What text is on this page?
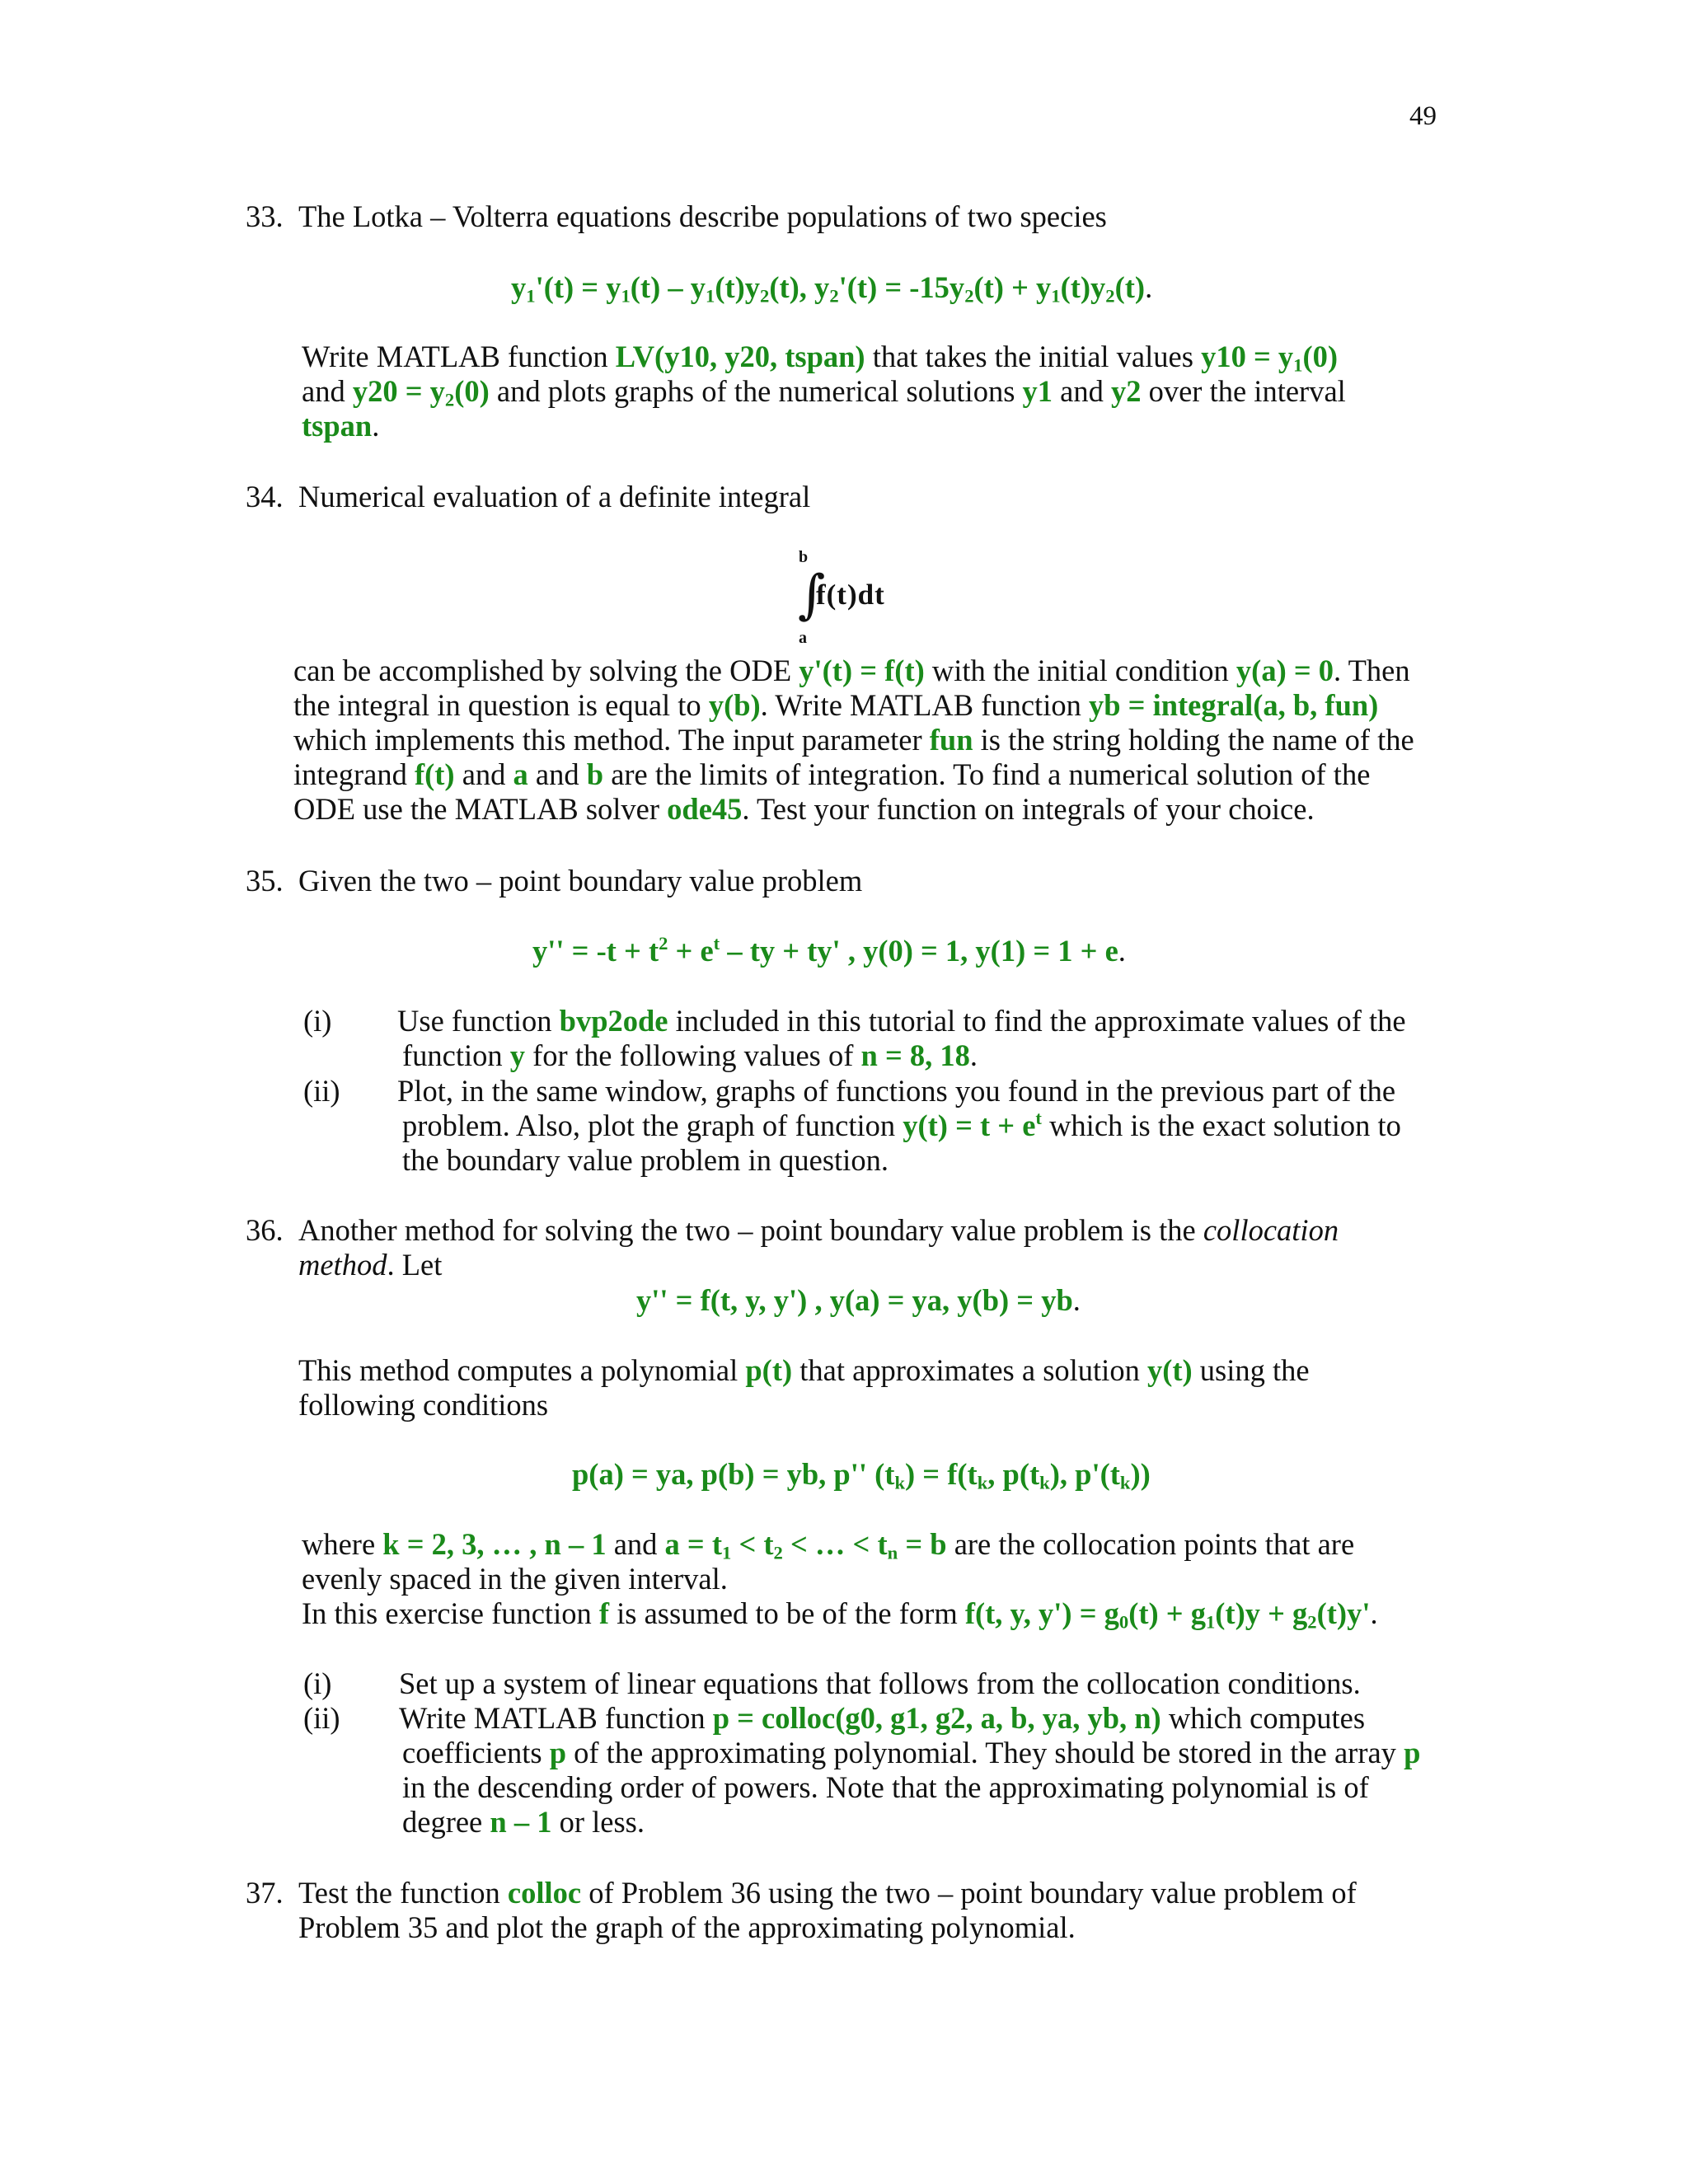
49
33. The Lotka – Volterra equations describe populations of two species
$y_1'(t) = y_1(t) - y_1(t)y_2(t)$, $y_2'(t) = -15y_2(t) + y_1(t)y_2(t)$.
Write MATLAB function LV(y10, y20, tspan) that takes the initial values $y10 = y_1(0)$
and $y20 = y_2(0)$ and plots graphs of the numerical solutions y1 and y2 over the interval
tspan.
34. Numerical evaluation of a definite integral
b
∫
f(t)dt
a
can be accomplished by solving the ODE y'(t) = f(t) with the initial condition y(a) = 0. Then
the integral in question is equal to y(b). Write MATLAB function yb = integral(a, b, fun)
which implements this method. The input parameter fun is the string holding the name of the
integrand f(t) and a and b are the limits of integration. To find a numerical solution of the
ODE use the MATLAB solver ode45. Test your function on integrals of your choice.
35. Given the two – point boundary value problem
$y'' = -t + t^2 + e^t$ – ty + ty' , y(0) = 1, y(1) = 1 + e.
(i) Use function bvp2ode included in this tutorial to find the approximate values of the
function y for the following values of n = 8, 18.
(ii) Plot, in the same window, graphs of functions you found in the previous part of the
problem. Also, plot the graph of function $y(t) = t + e^t$ which is the exact solution to
the boundary value problem in question.
36. Another method for solving the two – point boundary value problem is the collocation
method. Let
y'' = f(t, y, y') , y(a) = ya, y(b) = yb.
This method computes a polynomial p(t) that approximates a solution y(t) using the
following conditions
p(a) = ya, p(b) = yb, p'' $(t_k) = f(t_k$, $p(t_k)$, $p'(t_k)$)
where k = 2, 3, … , n – 1 and $a = t_1 < t_2$ < … < $t_n = b$ are the collocation points that are
evenly spaced in the given interval.
In this exercise function f is assumed to be of the form f(t, y, $y') = g_0(t) + g_1(t)y + g_2(t)y'$.
(i) Set up a system of linear equations that follows from the collocation conditions.
(ii) Write MATLAB function p = colloc(g0, g1, g2, a, b, ya, yb, n) which computes
coefficients p of the approximating polynomial. They should be stored in the array p
in the descending order of powers. Note that the approximating polynomial is of
degree n – 1 or less.
37. Test the function colloc of Problem 36 using the two – point boundary value problem of
Problem 35 and plot the graph of the approximating polynomial.
